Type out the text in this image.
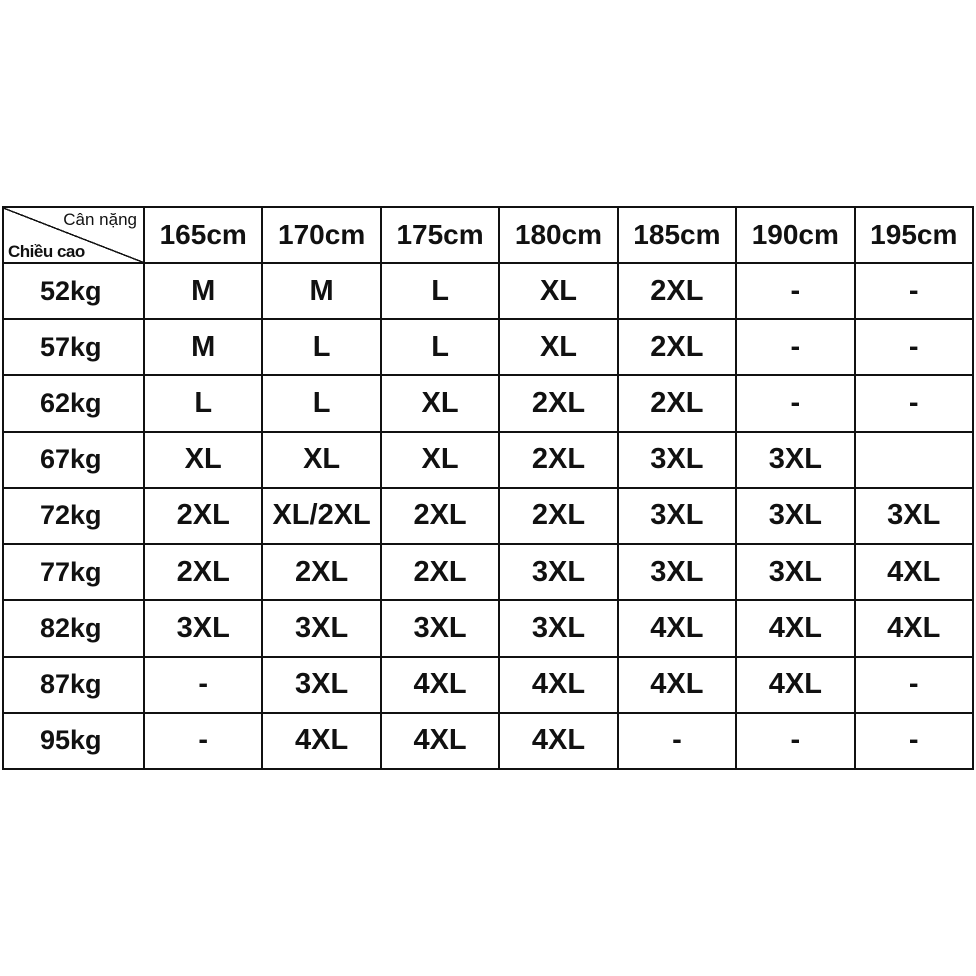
Cân nặng
Chiều cao	165cm	170cm	175cm	180cm	185cm	190cm	195cm
52kg	M	M	L	XL	2XL	-	-
57kg	M	L	L	XL	2XL	-	-
62kg	L	L	XL	2XL	2XL	-	-
67kg	XL	XL	XL	2XL	3XL	3XL	
72kg	2XL	XL/2XL	2XL	2XL	3XL	3XL	3XL
77kg	2XL	2XL	2XL	3XL	3XL	3XL	4XL
82kg	3XL	3XL	3XL	3XL	4XL	4XL	4XL
87kg	-	3XL	4XL	4XL	4XL	4XL	-
95kg	-	4XL	4XL	4XL	-	-	-
